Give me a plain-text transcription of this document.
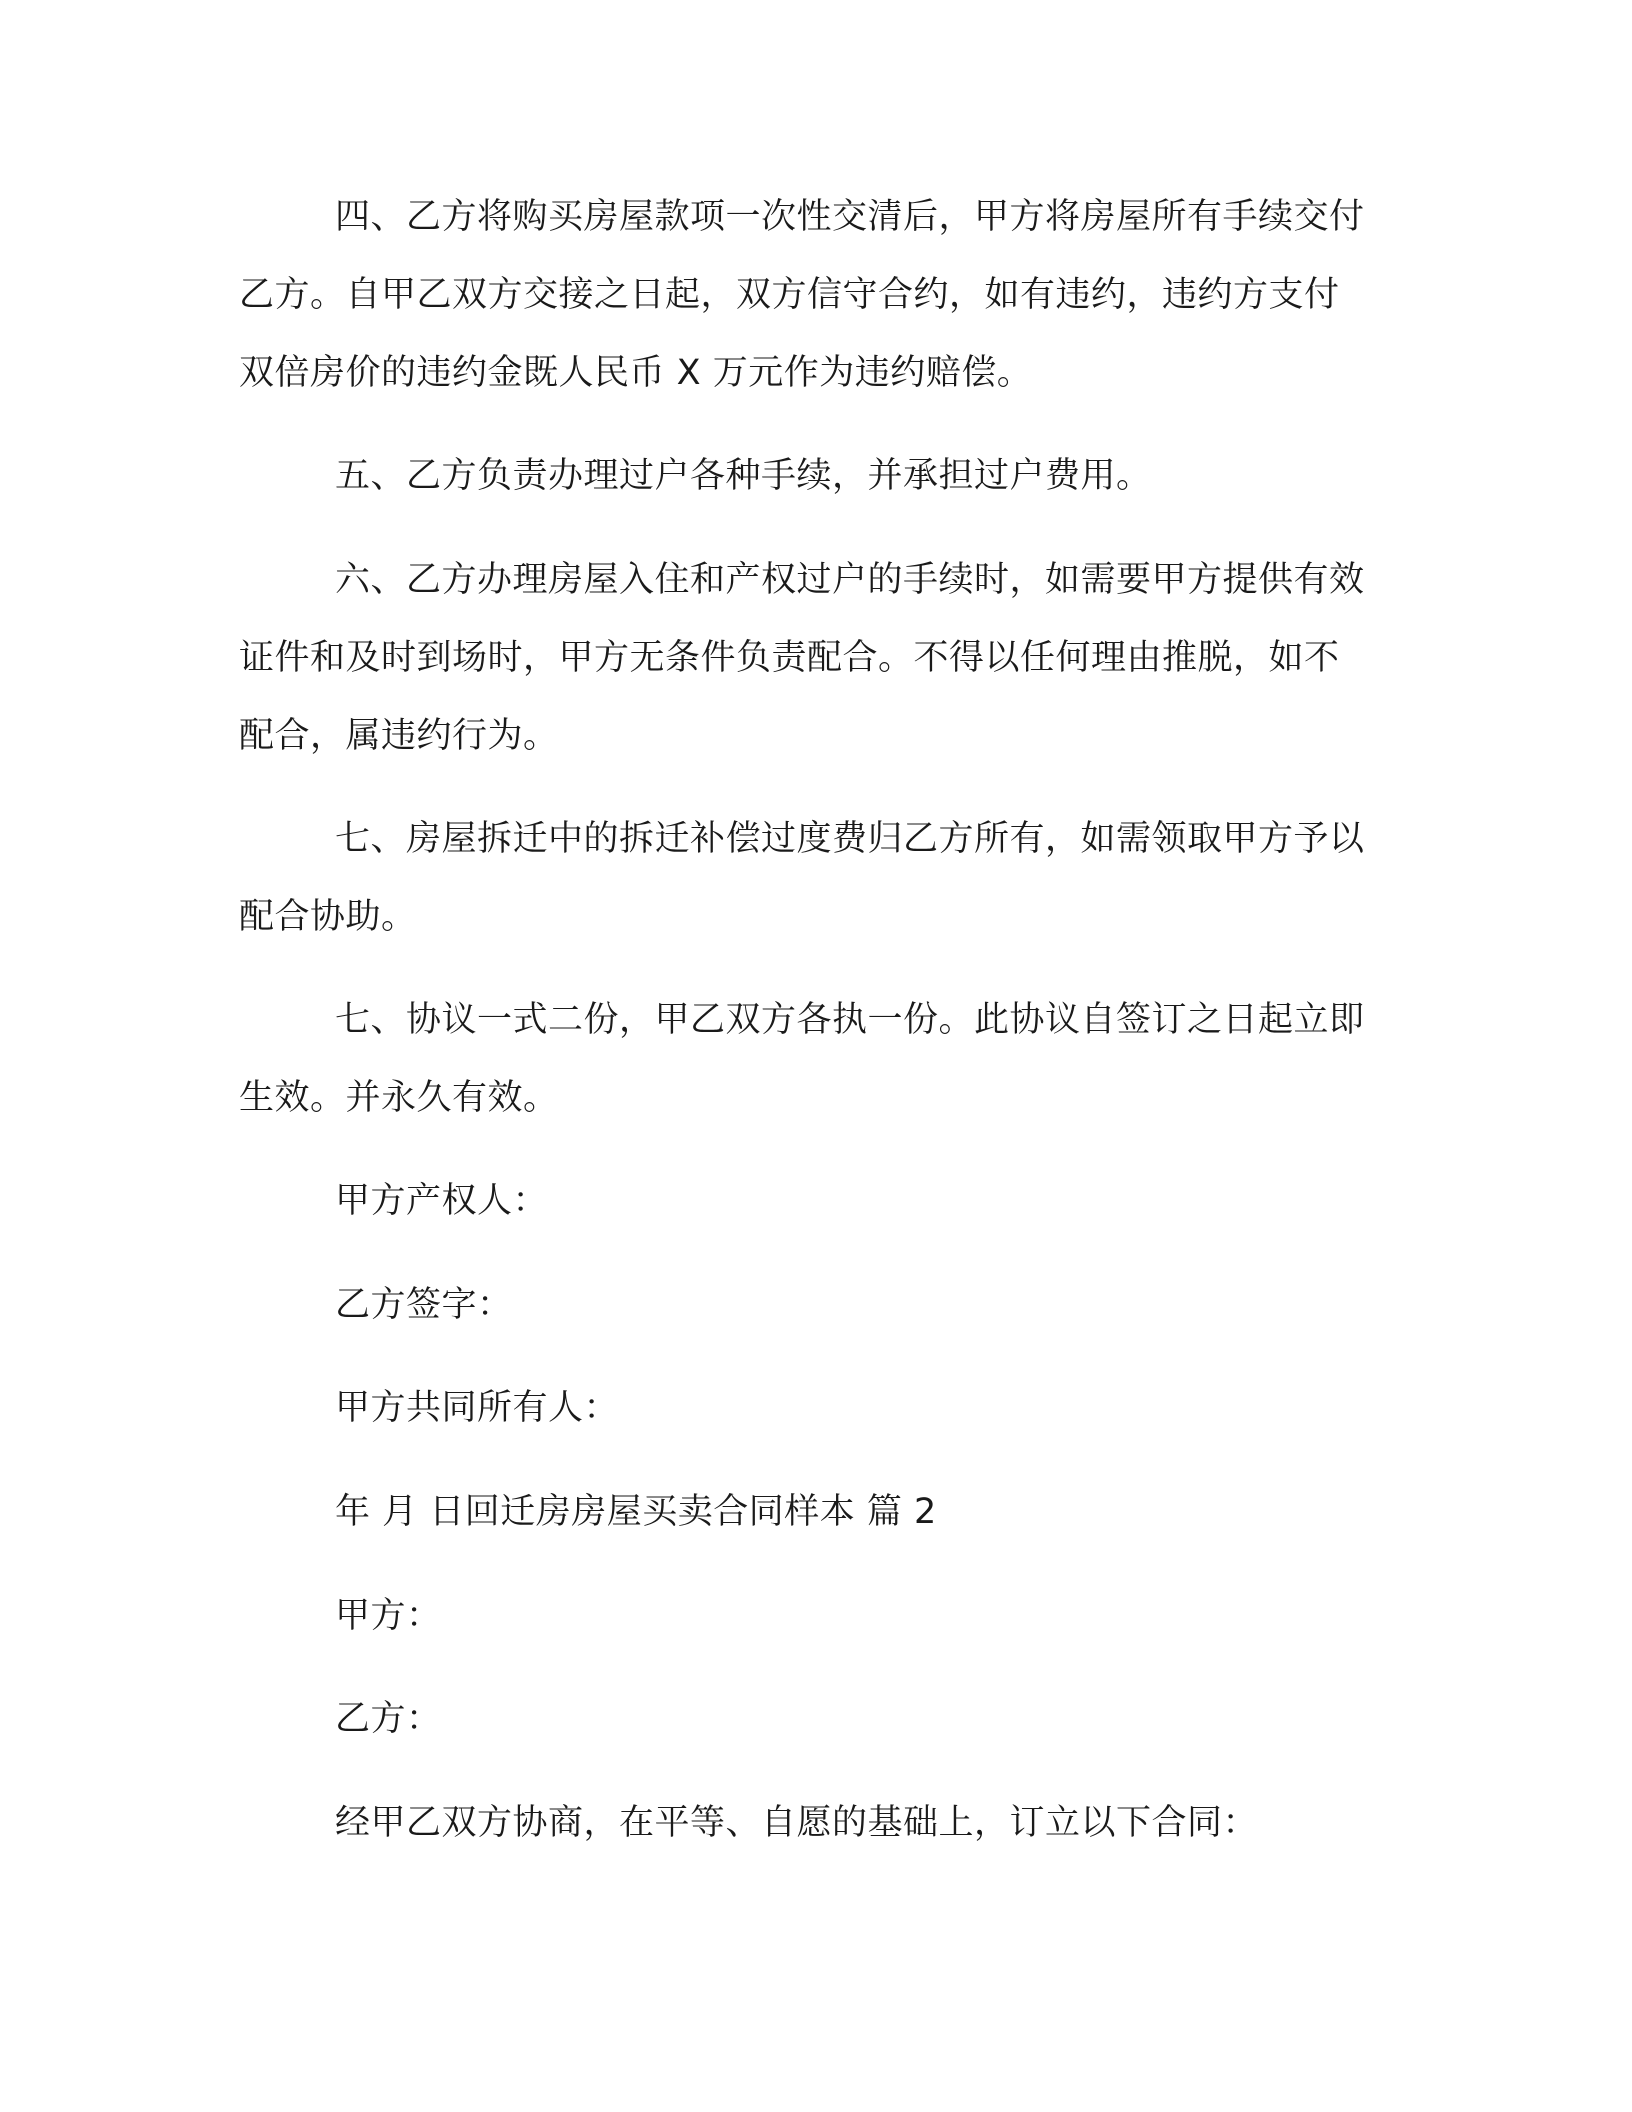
四、乙方将购买房屋款项一次性交清后，甲方将房屋所有手续交付乙方。自甲乙双方交接之日起，双方信守合约，如有违约，违约方支付双倍房价的违约金既人民币 X 万元作为违约赔偿。

五、乙方负责办理过户各种手续，并承担过户费用。

六、乙方办理房屋入住和产权过户的手续时，如需要甲方提供有效证件和及时到场时，甲方无条件负责配合。不得以任何理由推脱，如不配合，属违约行为。

七、房屋拆迁中的拆迁补偿过度费归乙方所有，如需领取甲方予以配合协助。

七、协议一式二份，甲乙双方各执一份。此协议自签订之日起立即生效。并永久有效。

甲方产权人：

乙方签字：

甲方共同所有人：

年 月 日回迁房房屋买卖合同样本 篇 2

甲方：

乙方：

经甲乙双方协商，在平等、自愿的基础上，订立以下合同：
